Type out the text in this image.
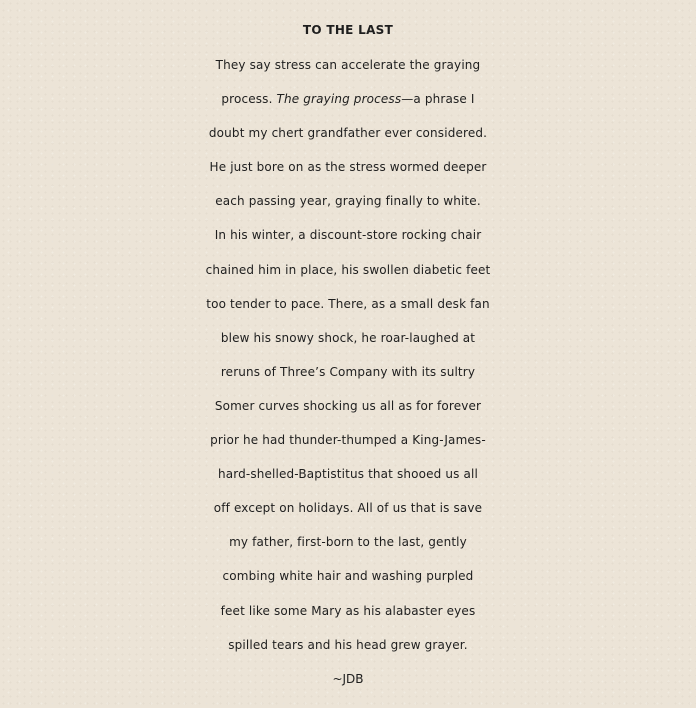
TO THE LAST
They say stress can accelerate the graying
process. The graying process—a phrase I
doubt my chert grandfather ever considered.
He just bore on as the stress wormed deeper
each passing year, graying finally to white.
In his winter, a discount-store rocking chair
chained him in place, his swollen diabetic feet
too tender to pace. There, as a small desk fan
blew his snowy shock, he roar-laughed at
reruns of Three’s Company with its sultry
Somer curves shocking us all as for forever
prior he had thunder-thumped a King-James-
hard-shelled-Baptistitus that shooed us all
off except on holidays. All of us that is save
my father, first-born to the last, gently
combing white hair and washing purpled
feet like some Mary as his alabaster eyes
spilled tears and his head grew grayer.
~JDB
